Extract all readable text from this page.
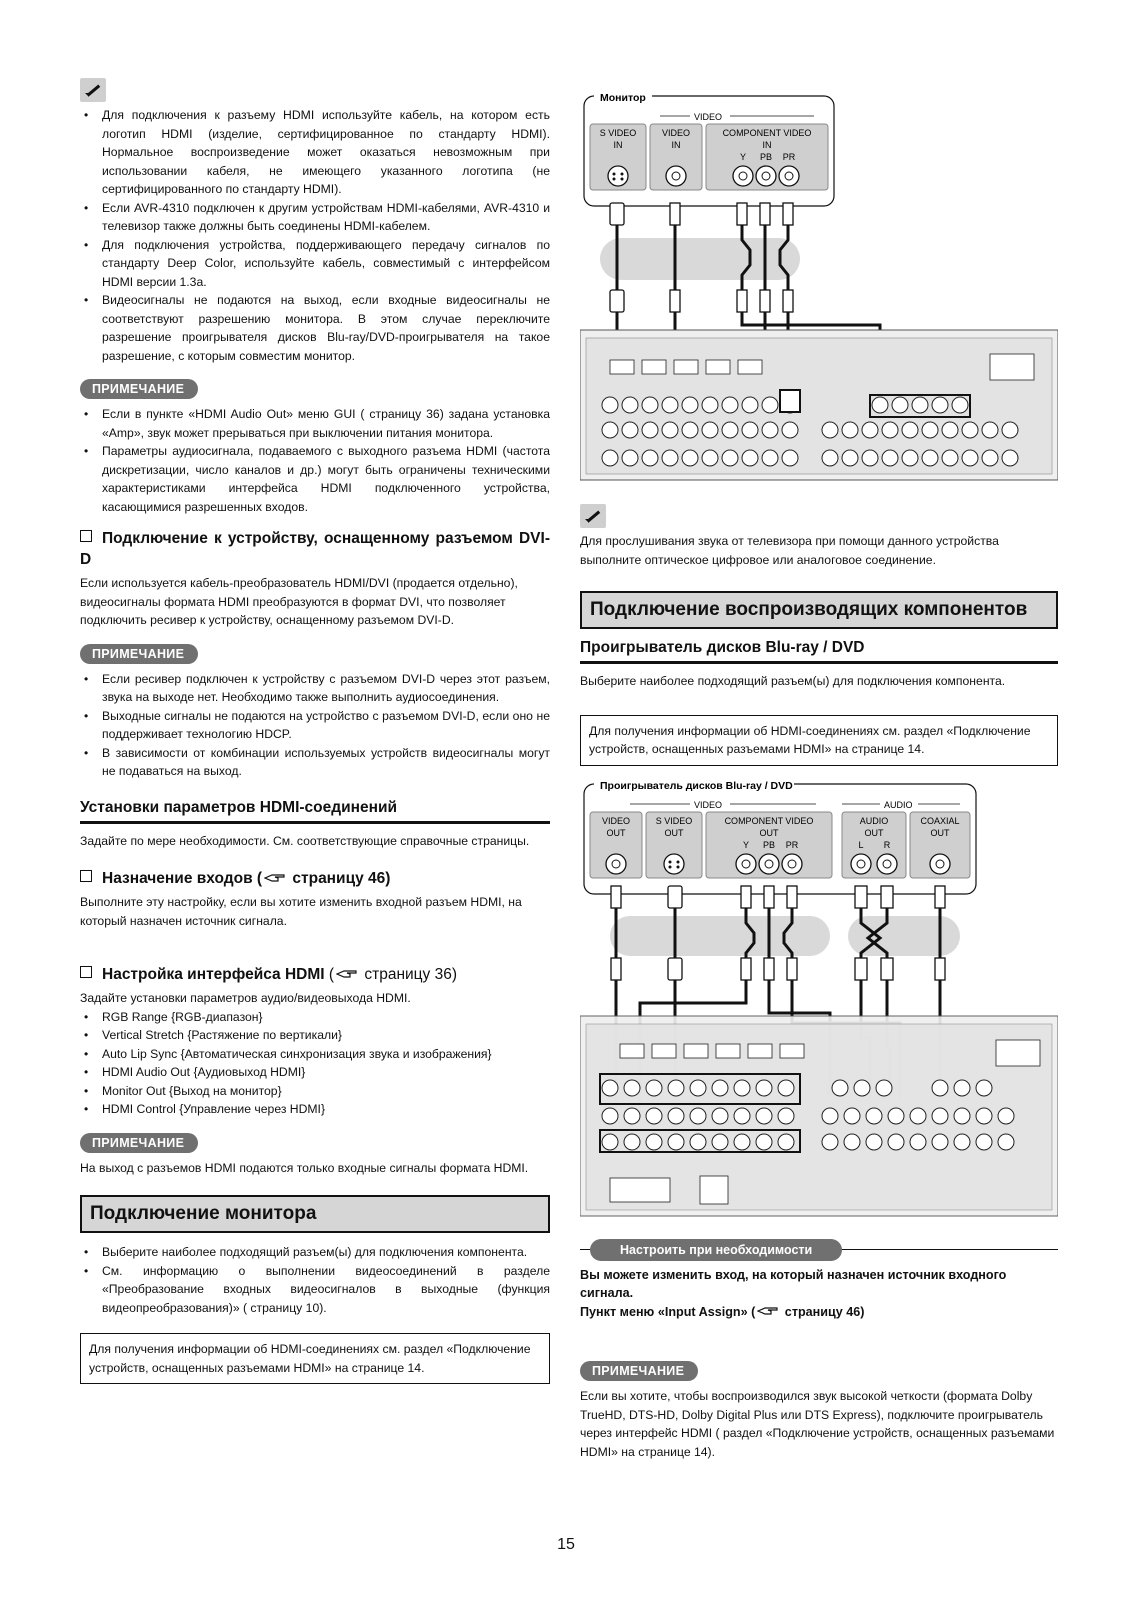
• Для подключения к разъему HDMI используйте кабель, на котором есть логотип HDMI (изделие, сертифицированное по стандарту HDMI). Нормальное воспроизведение может оказаться невозможным при использовании кабеля, не имеющего указанного логотипа (не сертифицированного по стандарту HDMI).
• Если AVR-4310 подключен к другим устройствам HDMI-кабелями, AVR-4310 и телевизор также должны быть соединены HDMI-кабелем.
• Для подключения устройства, поддерживающего передачу сигналов по стандарту Deep Color, используйте кабель, совместимый с интерфейсом HDMI версии 1.3a.
• Видеосигналы не подаются на выход, если входные видеосигналы не соответствуют разрешению монитора. В этом случае переключите разрешение проигрывателя дисков Blu-ray/DVD-проигрывателя на такое разрешение, с которым совместим монитор.
ПРИМЕЧАНИЕ
• Если в пункте «HDMI Audio Out» меню GUI ( страницу 36) задана установка «Amp», звук может прерываться при выключении питания монитора.
• Параметры аудиосигнала, подаваемого с выходного разъема HDMI (частота дискретизации, число каналов и др.) могут быть ограничены техническими характеристиками интерфейса HDMI подключенного устройства, касающимися разрешенных входов.
Подключение к устройству, оснащенному разъемом DVI-D

Если используется кабель-преобразователь HDMI/DVI (продается отдельно), видеосигналы формата HDMI преобразуются в формат DVI, что позволяет подключить ресивер к устройству, оснащенному разъемом DVI-D.

ПРИМЕЧАНИЕ
• Если ресивер подключен к устройству с разъемом DVI-D через этот разъем, звука на выходе нет. Необходимо также выполнить аудиосоединения.
• Выходные сигналы не подаются на устройство с разъемом DVI-D, если оно не поддерживает технологию HDCP.
• В зависимости от комбинации используемых устройств видеосигналы могут не подаваться на выход.
Установки параметров HDMI-соединений

Задайте по мере необходимости. См. соответствующие справочные страницы.

Назначение входов ( страницу 46)

Выполните эту настройку, если вы хотите изменить входной разъем HDMI, на который назначен источник сигнала.

Настройка интерфейса HDMI ( страницу 36)

Задайте установки параметров аудио/видеовыхода HDMI.

• RGB Range {RGB-диапазон}
• Vertical Stretch {Растяжение по вертикали}
• Auto Lip Sync {Автоматическая синхронизация звука и изображения}
• HDMI Audio Out {Аудиовыход HDMI}
• Monitor Out {Выход на монитор}
• HDMI Control {Управление через HDMI}
ПРИМЕЧАНИЕ

На выход с разъемов HDMI подаются только входные сигналы формата HDMI.

Подключение монитора
• Выберите наиболее подходящий разъем(ы) для подключения компонента.
• См. информацию о выполнении видеосоединений в разделе «Преобразование входных видеосигналов в выходные (функция видеопреобразования)» ( страницу 10).

Для получения информации об HDMI-соединениях см. раздел «Подключение устройств, оснащенных разъемами HDMI» на странице 14.

Монитор
VIDEO
S VIDEO
IN
VIDEO
IN
COMPONENT VIDEO
IN
Y PB PR

Для прослушивания звука от телевизора при помощи данного устройства выполните оптическое цифровое или аналоговое соединение.

Подключение воспроизводящих компонентов
Проигрыватель дисков Blu-ray / DVD

Выберите наиболее подходящий разъем(ы) для подключения компонента.

Для получения информации об HDMI-соединениях см. раздел «Подключение устройств, оснащенных разъемами HDMI» на странице 14.

Проигрыватель дисков Blu-ray / DVD
VIDEO	AUDIO
VIDEO
OUT
S VIDEO
OUT
COMPONENT VIDEO
OUT
Y PB PR
AUDIO
OUT
L R
COAXIAL
OUT
Настроить при необходимости

Вы можете изменить вход, на который назначен источник входного сигнала.

Пункт меню «Input Assign» ( страницу 46)

ПРИМЕЧАНИЕ

Если вы хотите, чтобы воспроизводился звук высокой четкости (формата Dolby TrueHD, DTS-HD, Dolby Digital Plus или DTS Express), подключите проигрыватель через интерфейс HDMI ( раздел «Подключение устройств, оснащенных разъемами HDMI» на странице 14).

15
